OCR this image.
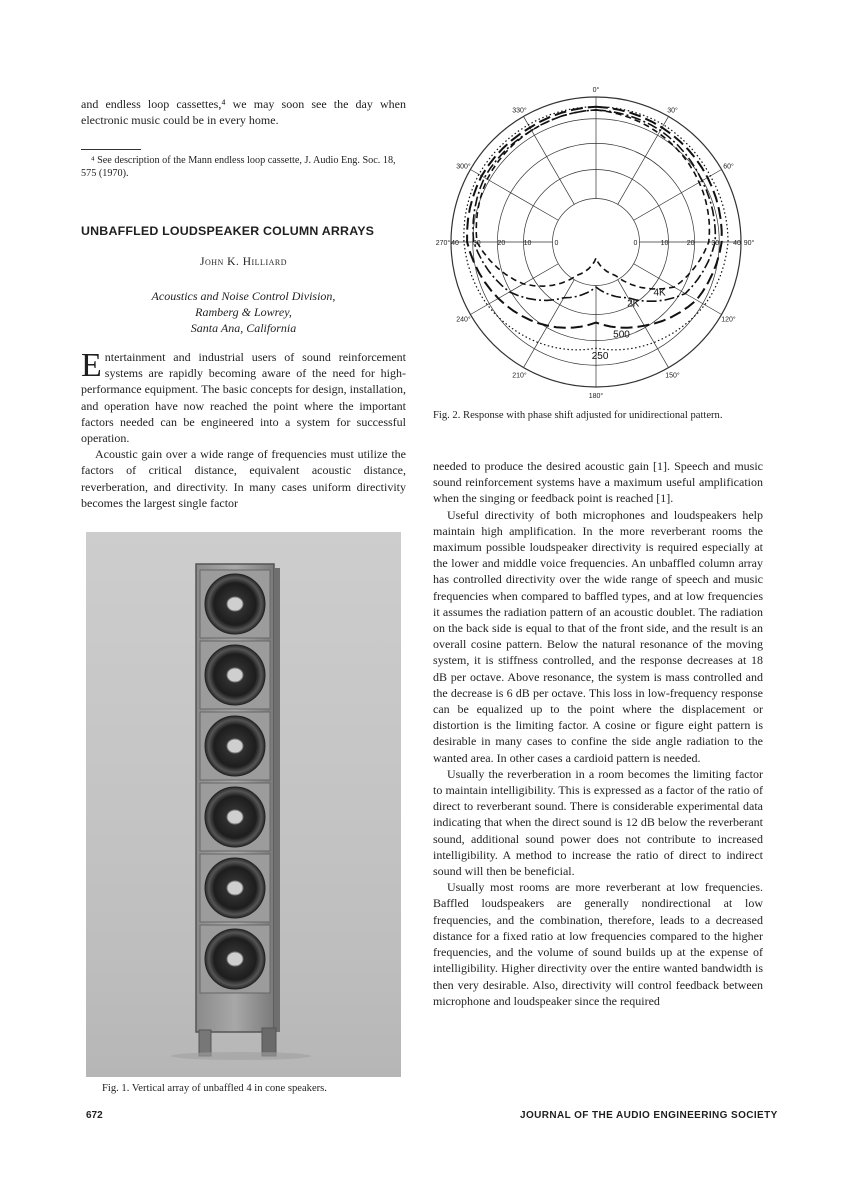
and endless loop cassettes,⁴ we may soon see the day when electronic music could be in every home.

⁴ See description of the Mann endless loop cassette, J. Audio Eng. Soc. 18, 575 (1970).
UNBAFFLED LOUDSPEAKER COLUMN ARRAYS
John K. Hilliard
Acoustics and Noise Control Division,
Ramberg & Lowrey,
Santa Ana, California

Entertainment and industrial users of sound reinforcement systems are rapidly becoming aware of the need for high-performance equipment. The basic concepts for design, installation, and operation have now reached the point where the important factors needed can be engineered into a system for successful operation.

Acoustic gain over a wide range of frequencies must utilize the factors of critical distance, equivalent acoustic distance, reverberation, and directivity. In many cases uniform directivity becomes the largest single factor

Fig. 1. Vertical array of unbaffled 4 in cone speakers.
0°
30°
60°
90°
120°
150°
180°
210°
240°
270°
300°
330°
40 30 20	10	0	0	10	20 30 40
4K
2K
500
250
Fig. 2. Response with phase shift adjusted for unidirectional pattern.

needed to produce the desired acoustic gain [1]. Speech and music sound reinforcement systems have a maximum useful amplification when the singing or feedback point is reached [1].

Useful directivity of both microphones and loudspeakers help maintain high amplification. In the more reverberant rooms the maximum possible loudspeaker directivity is required especially at the lower and middle voice frequencies. An unbaffled column array has controlled directivity over the wide range of speech and music frequencies when compared to baffled types, and at low frequencies it assumes the radiation pattern of an acoustic doublet. The radiation on the back side is equal to that of the front side, and the result is an overall cosine pattern. Below the natural resonance of the moving system, it is stiffness controlled, and the response decreases at 18 dB per octave. Above resonance, the system is mass controlled and the decrease is 6 dB per octave. This loss in low-frequency response can be equalized up to the point where the displacement or distortion is the limiting factor. A cosine or figure eight pattern is desirable in many cases to confine the side angle radiation to the wanted area. In other cases a cardioid pattern is needed.

Usually the reverberation in a room becomes the limiting factor to maintain intelligibility. This is expressed as a factor of the ratio of direct to reverberant sound. There is considerable experimental data indicating that when the direct sound is 12 dB below the reverberant sound, additional sound power does not contribute to increased intelligibility. A method to increase the ratio of direct to indirect sound will then be beneficial.

Usually most rooms are more reverberant at low frequencies. Baffled loudspeakers are generally nondirectional at low frequencies, and the combination, therefore, leads to a decreased distance for a fixed ratio at low frequencies compared to the higher frequencies, and the volume of sound builds up at the expense of intelligibility. Higher directivity over the entire wanted bandwidth is then very desirable. Also, directivity will control feedback between microphone and loudspeaker since the required

672	JOURNAL OF THE AUDIO ENGINEERING SOCIETY
